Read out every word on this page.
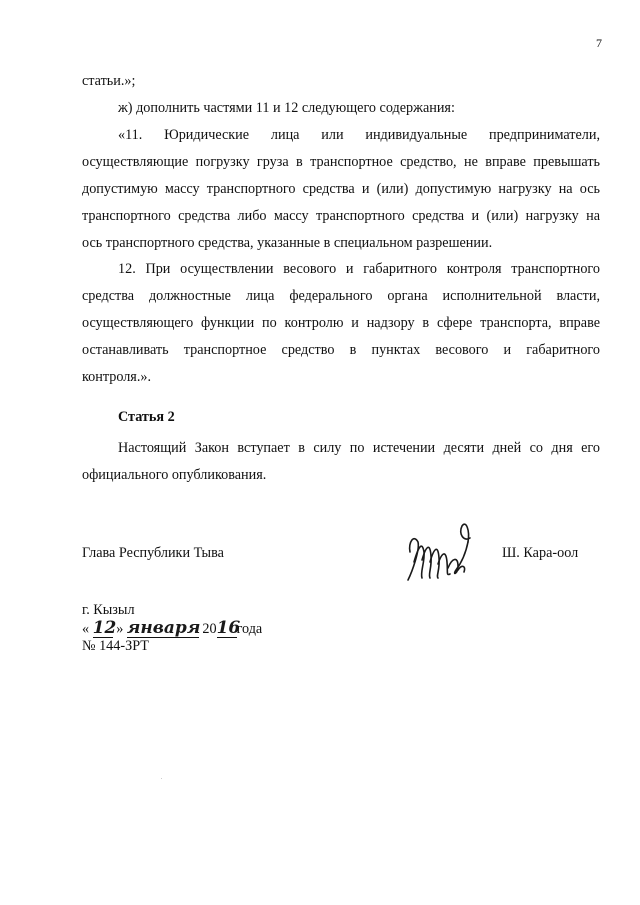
7

статьи.»;

ж) дополнить частями 11 и 12 следующего содержания:

«11. Юридические лица или индивидуальные предприниматели,
осуществляющие погрузку груза в транспортное средство, не вправе превышать
допустимую массу транспортного средства и (или) допустимую нагрузку на ось
транспортного средства либо массу транспортного средства и (или) нагрузку на
ось транспортного средства, указанные в специальном разрешении.
12. При осуществлении весового и габаритного контроля транспортного
средства должностные лица федерального органа исполнительной власти,
осуществляющего функции по контролю и надзору в сфере транспорта, вправе
останавливать транспортное средство в пунктах весового и габаритного
контроля.».
Статья 2
Настоящий Закон вступает в силу по истечении десяти дней со дня его
официального опубликования.
Глава Республики Тыва	Ш. Кара-оол
г. Кызыл
« 12 » января 2016года
№ 144-ЗРТ
